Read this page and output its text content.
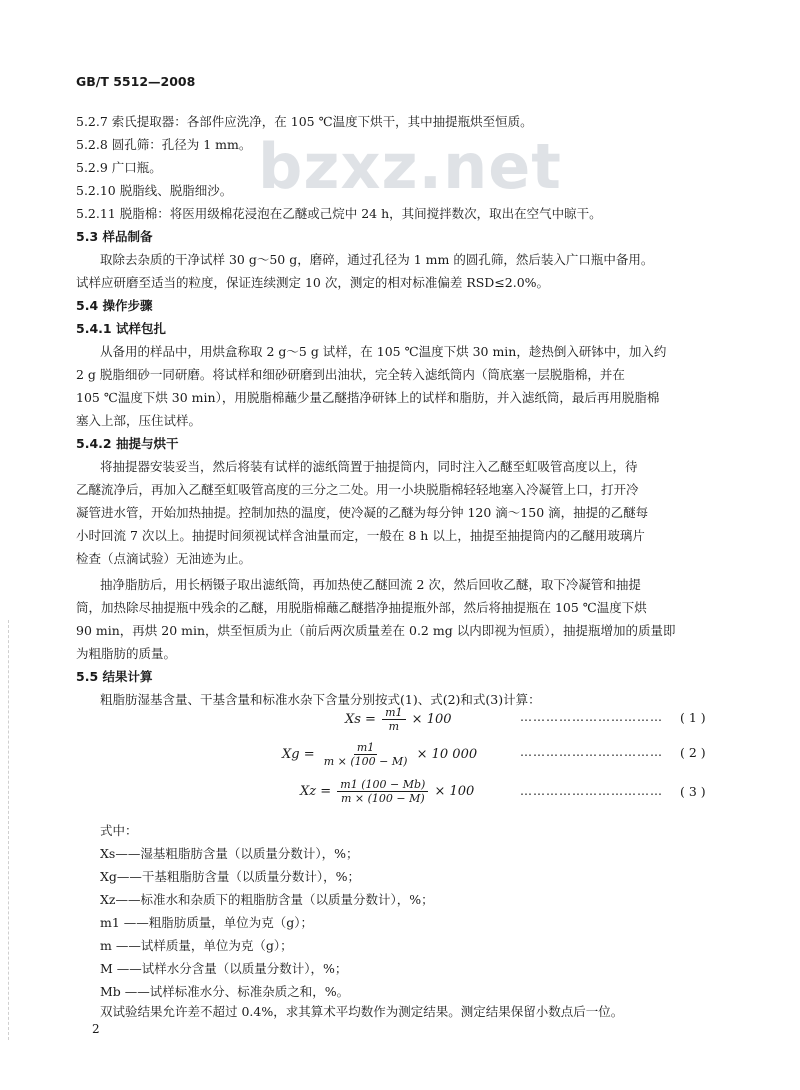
bzxz.net
GB/T 5512—2008
5.2.7 索氏提取器：各部件应洗净，在 105 ℃温度下烘干，其中抽提瓶烘至恒质。
5.2.8 圆孔筛：孔径为 1 mm。
5.2.9 广口瓶。
5.2.10 脱脂线、脱脂细沙。
5.2.11 脱脂棉：将医用级棉花浸泡在乙醚或己烷中 24 h，其间搅拌数次，取出在空气中晾干。
5.3 样品制备
取除去杂质的干净试样 30 g～50 g，磨碎，通过孔径为 1 mm 的圆孔筛，然后装入广口瓶中备用。
试样应研磨至适当的粒度，保证连续测定 10 次，测定的相对标准偏差 RSD≤2.0%。
5.4 操作步骤
5.4.1 试样包扎
从备用的样品中，用烘盒称取 2 g～5 g 试样，在 105 ℃温度下烘 30 min，趁热倒入研钵中，加入约
2 g 脱脂细砂一同研磨。将试样和细砂研磨到出油状，完全转入滤纸筒内（筒底塞一层脱脂棉，并在
105 ℃温度下烘 30 min），用脱脂棉蘸少量乙醚揩净研钵上的试样和脂肪，并入滤纸筒，最后再用脱脂棉
塞入上部，压住试样。
5.4.2 抽提与烘干
将抽提器安装妥当，然后将装有试样的滤纸筒置于抽提筒内，同时注入乙醚至虹吸管高度以上，待
乙醚流净后，再加入乙醚至虹吸管高度的三分之二处。用一小块脱脂棉轻轻地塞入冷凝管上口，打开冷
凝管进水管，开始加热抽提。控制加热的温度，使冷凝的乙醚为每分钟 120 滴～150 滴，抽提的乙醚每
小时回流 7 次以上。抽提时间须视试样含油量而定，一般在 8 h 以上，抽提至抽提筒内的乙醚用玻璃片
检查（点滴试验）无油迹为止。
抽净脂肪后，用长柄镊子取出滤纸筒，再加热使乙醚回流 2 次，然后回收乙醚，取下冷凝管和抽提
筒，加热除尽抽提瓶中残余的乙醚，用脱脂棉蘸乙醚揩净抽提瓶外部，然后将抽提瓶在 105 ℃温度下烘
90 min，再烘 20 min，烘至恒质为止（前后两次质量差在 0.2 mg 以内即视为恒质），抽提瓶增加的质量即
为粗脂肪的质量。
5.5 结果计算
粗脂肪湿基含量、干基含量和标准水杂下含量分别按式(1)、式(2)和式(3)计算：
$Xs = \frac{m1}{m} \times 100$	…………………………… ( 1 )
$Xg = \frac{m1}{m \times (100 - M)} \times 10$ 000	…………………………… ( 2 )
$Xz = \frac{m1 (100 - Mb)}{m \times (100 - M)} \times 100$	…………………………… ( 3 )
式中：
Xs——湿基粗脂肪含量（以质量分数计），%；
Xg——干基粗脂肪含量（以质量分数计），%；
Xz——标准水和杂质下的粗脂肪含量（以质量分数计），%；
m1 ——粗脂肪质量，单位为克（g）；
m ——试样质量，单位为克（g）；
M ——试样水分含量（以质量分数计），%；
Mb ——试样标准水分、标准杂质之和，%。
双试验结果允许差不超过 0.4%，求其算术平均数作为测定结果。测定结果保留小数点后一位。
2
